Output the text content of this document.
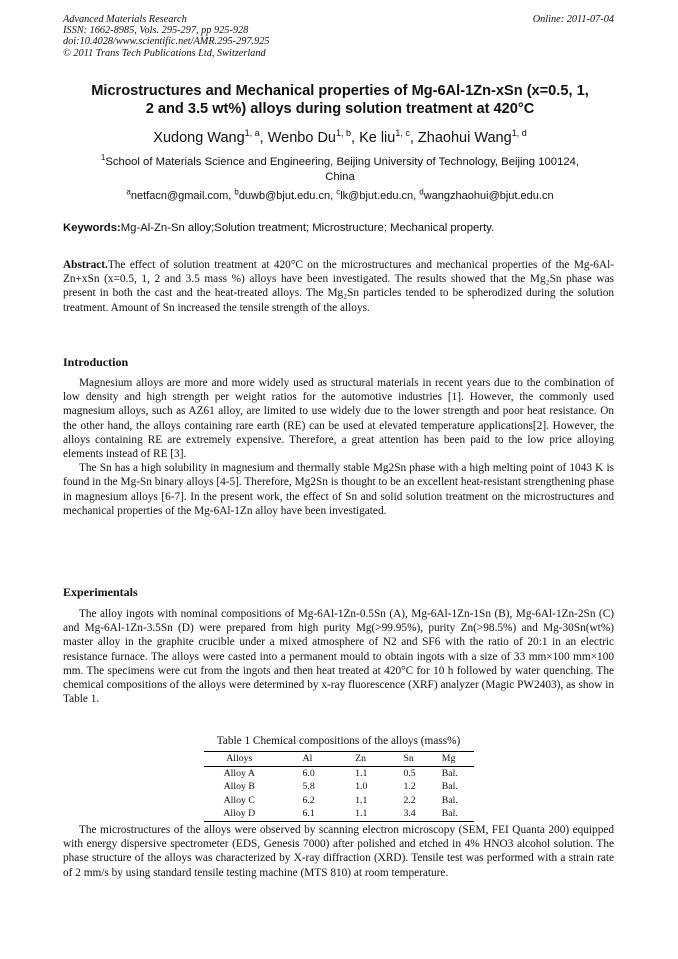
Advanced Materials Research
ISSN: 1662-8985, Vols. 295-297, pp 925-928
doi:10.4028/www.scientific.net/AMR.295-297.925
© 2011 Trans Tech Publications Ltd, Switzerland
Online: 2011-07-04
Microstructures and Mechanical properties of Mg-6Al-1Zn-xSn (x=0.5, 1,
2 and 3.5 wt%) alloys during solution treatment at 420°C
Xudong Wang$^{1, a}$, Wenbo Du$^{1, b}$, Ke liu$^{1, c}$, Zhaohui Wang$^{1, d}$
$^1$School of Materials Science and Engineering, Beijing University of Technology, Beijing 100124,
China
$^a$netfacn@gmail.com, $^b$duwb@bjut.edu.cn, $^c$lk@bjut.edu.cn, $^d$wangzhaohui@bjut.edu.cn
Keywords:Mg-Al-Zn-Sn alloy;Solution treatment; Microstructure; Mechanical property.

Abstract.The effect of solution treatment at 420°C on the microstructures and mechanical properties of the Mg-6Al-Zn+xSn (x=0.5, 1, 2 and 3.5 mass %) alloys have been investigated. The results showed that the Mg₂Sn phase was present in both the cast and the heat-treated alloys. The Mg₂Sn particles tended to be spherodized during the solution treatment. Amount of Sn increased the tensile strength of the alloys.

Introduction

Magnesium alloys are more and more widely used as structural materials in recent years due to the combination of low density and high strength per weight ratios for the automotive industries [1]. However, the commonly used magnesium alloys, such as AZ61 alloy, are limited to use widely due to the lower strength and poor heat resistance. On the other hand, the alloys containing rare earth (RE) can be used at elevated temperature applications[2]. However, the alloys containing RE are extremely expensive. Therefore, a great attention has been paid to the low price alloying elements instead of RE [3].

The Sn has a high solubility in magnesium and thermally stable Mg2Sn phase with a high melting point of 1043 K is found in the Mg-Sn binary alloys [4-5]. Therefore, Mg2Sn is thought to be an excellent heat-resistant strengthening phase in magnesium alloys [6-7]. In the present work, the effect of Sn and solid solution treatment on the microstructures and mechanical properties of the Mg-6Al-1Zn alloy have been investigated.

Experimentals

The alloy ingots with nominal compositions of Mg-6Al-1Zn-0.5Sn (A), Mg-6Al-1Zn-1Sn (B), Mg-6Al-1Zn-2Sn (C) and Mg-6Al-1Zn-3.5Sn (D) were prepared from high purity Mg(>99.95%), purity Zn(>98.5%) and Mg-30Sn(wt%) master alloy in the graphite crucible under a mixed atmosphere of N2 and SF6 with the ratio of 20:1 in an electric resistance furnace. The alloys were casted into a permanent mould to obtain ingots with a size of 33 mm×100 mm×100 mm. The specimens were cut from the ingots and then heat treated at 420°C for 10 h followed by water quenching. The chemical compositions of the alloys were determined by x-ray fluorescence (XRF) analyzer (Magic PW2403), as show in Table 1.

Table 1 Chemical compositions of the alloys (mass%)
Alloys	Al	Zn	Sn	Mg
Alloy A	6.0	1.1	0.5	Bal.
Alloy B	5.8	1.0	1.2	Bal.
Alloy C	6.2	1.1	2.2	Bal.
Alloy D	6.1	1.1	3.4	Bal.

The microstructures of the alloys were observed by scanning electron microscopy (SEM, FEI Quanta 200) equipped with energy dispersive spectrometer (EDS, Genesis 7000) after polished and etched in 4% HNO3 alcohol solution. The phase structure of the alloys was characterized by X-ray diffraction (XRD). Tensile test was performed with a strain rate of 2 mm/s by using standard tensile testing machine (MTS 810) at room temperature.
